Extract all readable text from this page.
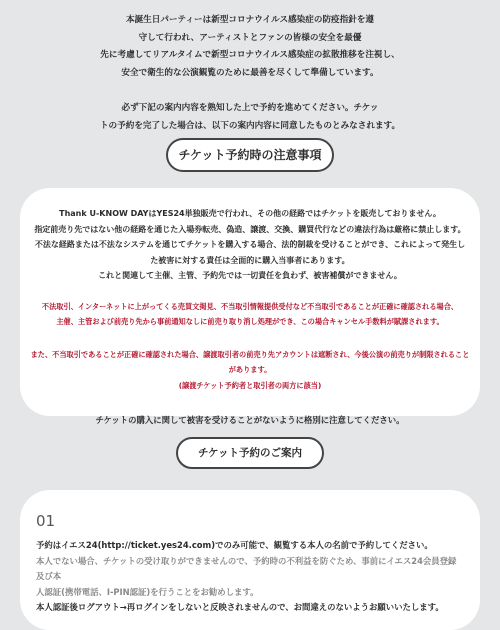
本誕生日パーティーは新型コロナウイルス感染症の防疫指針を遵

守して行われ、アーティストとファンの皆様の安全を最優

先に考慮してリアルタイムで新型コロナウイルス感染症の拡散推移を注視し、

安全で衛生的な公演観覧のために最善を尽くして準備しています。

必ず下記の案内内容を熟知した上で予約を進めてください。チケッ

トの予約を完了した場合は、以下の案内内容に同意したものとみなされます。

チケット予約時の注意事項

Thank U-KNOW DAYはYES24単独販売で行われ、その他の経路ではチケットを販売しておりません。

指定前売り先ではない他の経路を通じた入場券転売、偽造、譲渡、交換、購買代行などの違法行為は厳格に禁止します。

不法な経路または不法なシステムを通じてチケットを購入する場合、法的制裁を受けることができ、これによって発生し

た被害に対する責任は全面的に購入当事者にあります。

これと関連して主催、主管、予約先では一切責任を負わず、被害補償ができません。

不法取引、インターネットに上がってくる売買文掲見、不当取引情報提供受付など不当取引であることが正確に確認される場合、

主催、主管および前売り先から事前通知なしに前売り取り消し処理ができ、この場合キャンセル手数料が賦課されます。

また、不当取引であることが正確に確認された場合、譲渡取引者の前売り先アカウントは遮断され、今後公演の前売りが制限されることがあります。

(譲渡チケット予約者と取引者の両方に該当)

チケットの購入に関して被害を受けることがないように格別に注意してください。

チケット予約のご案内
01

予約はイエス24(http://ticket.yes24.com)でのみ可能で、観覧する本人の名前で予約してください。

本人でない場合、チケットの受け取りができませんので、予約時の不利益を防ぐため、事前にイエス24会員登録及び本

人認証(携帯電話、I-PIN認証)を行うことをお勧めします。

本人認証後ログアウト→再ログインをしないと反映されませんので、お間違えのないようお願いいたします。
